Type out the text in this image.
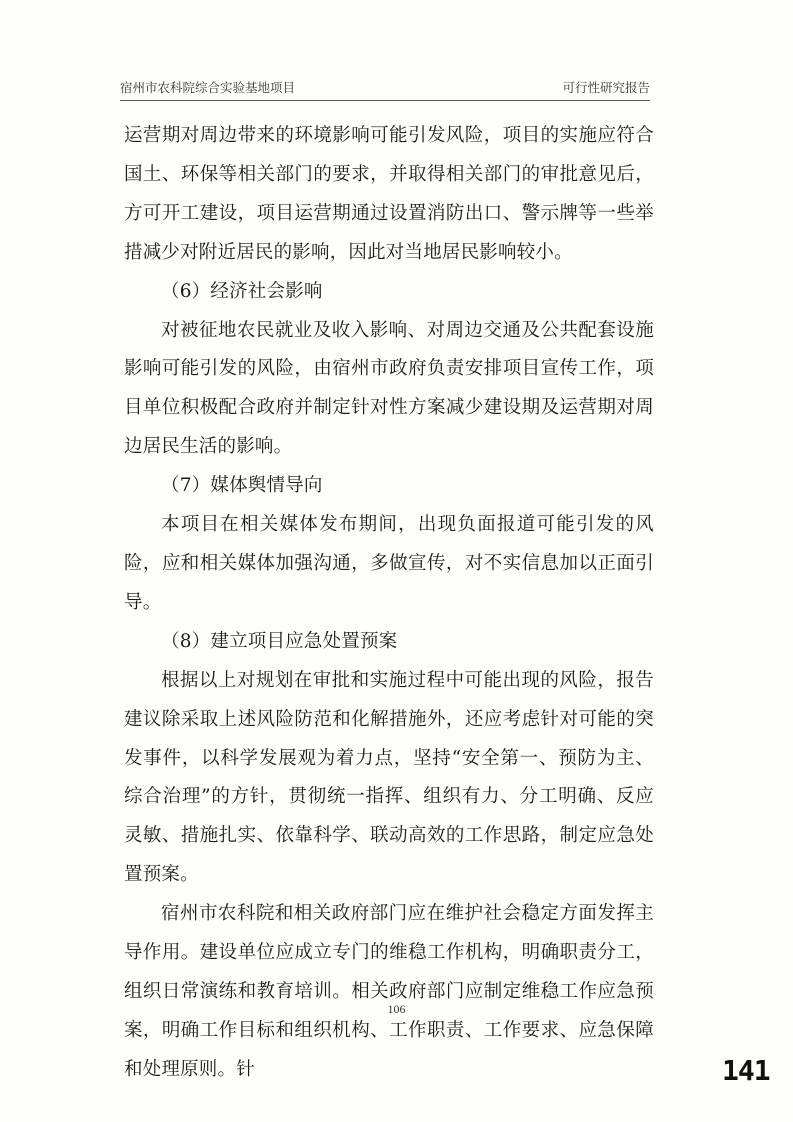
宿州市农科院综合实验基地项目	可行性研究报告

运营期对周边带来的环境影响可能引发风险，项目的实施应符合国土、环保等相关部门的要求，并取得相关部门的审批意见后，方可开工建设，项目运营期通过设置消防出口、警示牌等一些举措减少对附近居民的影响，因此对当地居民影响较小。

（6）经济社会影响

对被征地农民就业及收入影响、对周边交通及公共配套设施影响可能引发的风险，由宿州市政府负责安排项目宣传工作，项目单位积极配合政府并制定针对性方案减少建设期及运营期对周边居民生活的影响。

（7）媒体舆情导向

本项目在相关媒体发布期间，出现负面报道可能引发的风险，应和相关媒体加强沟通，多做宣传，对不实信息加以正面引导。

（8）建立项目应急处置预案

根据以上对规划在审批和实施过程中可能出现的风险，报告建议除采取上述风险防范和化解措施外，还应考虑针对可能的突发事件，以科学发展观为着力点，坚持“安全第一、预防为主、综合治理”的方针，贯彻统一指挥、组织有力、分工明确、反应灵敏、措施扎实、依靠科学、联动高效的工作思路，制定应急处置预案。

宿州市农科院和相关政府部门应在维护社会稳定方面发挥主导作用。建设单位应成立专门的维稳工作机构，明确职责分工，组织日常演练和教育培训。相关政府部门应制定维稳工作应急预案，明确工作目标和组织机构、工作职责、工作要求、应急保障和处理原则。针

106
141
